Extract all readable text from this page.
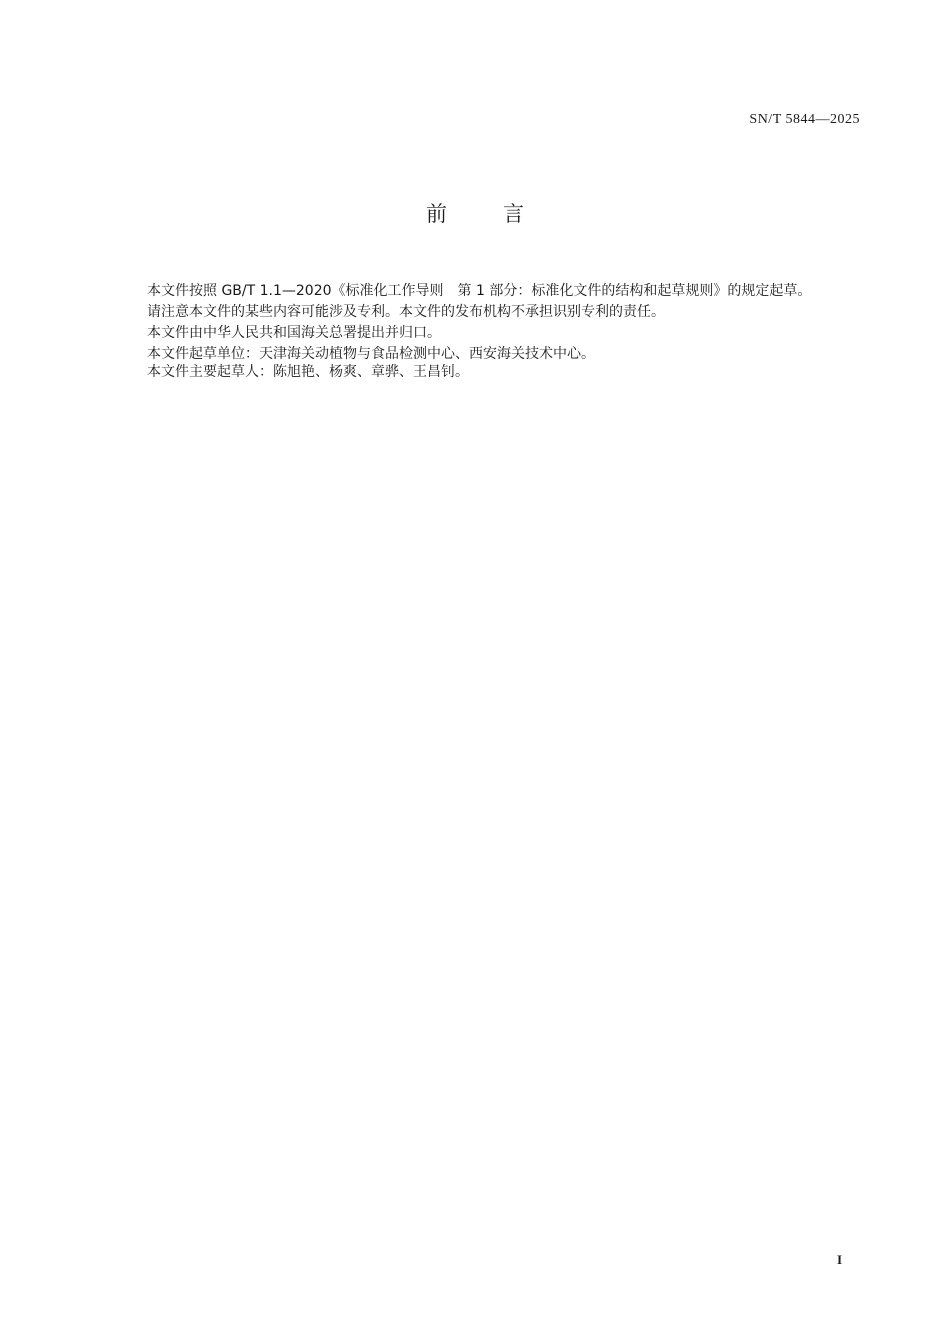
SN/T 5844—2025
前	言

本文件按照 GB/T 1.1—2020《标准化工作导则　第 1 部分：标准化文件的结构和起草规则》的规定起草。

请注意本文件的某些内容可能涉及专利。本文件的发布机构不承担识别专利的责任。

本文件由中华人民共和国海关总署提出并归口。

本文件起草单位：天津海关动植物与食品检测中心、西安海关技术中心。

本文件主要起草人：陈旭艳、杨爽、章骅、王昌钊。

I
